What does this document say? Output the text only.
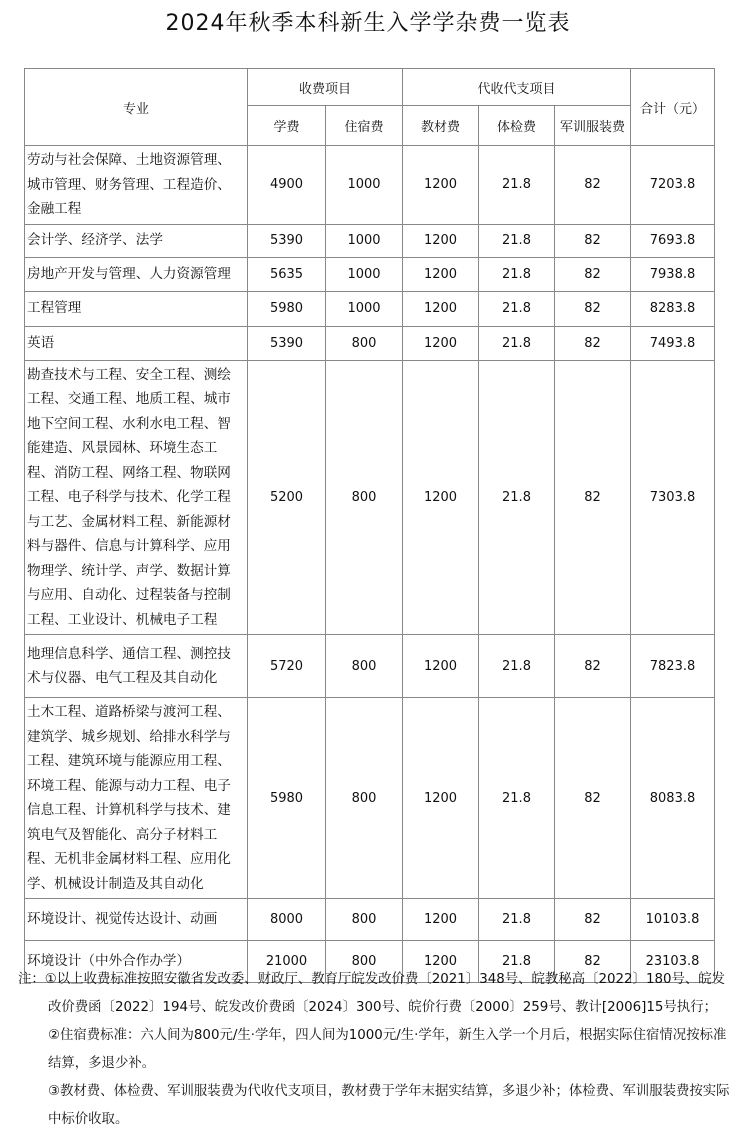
2024年秋季本科新生入学学杂费一览表
专业	收费项目		代收代支项目			合计（元）
	学费	住宿费	教材费	体检费	军训服装费	
劳动与社会保障、土地资源管理、城市管理、财务管理、工程造价、金融工程	4900	1000	1200	21.8	82	7203.8
会计学、经济学、法学	5390	1000	1200	21.8	82	7693.8
房地产开发与管理、人力资源管理	5635	1000	1200	21.8	82	7938.8
工程管理	5980	1000	1200	21.8	82	8283.8
英语	5390	800	1200	21.8	82	7493.8
勘查技术与工程、安全工程、测绘工程、交通工程、地质工程、城市地下空间工程、水利水电工程、智能建造、风景园林、环境生态工程、消防工程、网络工程、物联网工程、电子科学与技术、化学工程与工艺、金属材料工程、新能源材料与器件、信息与计算科学、应用物理学、统计学、声学、数据计算与应用、自动化、过程装备与控制工程、工业设计、机械电子工程	5200	800	1200	21.8	82	7303.8
地理信息科学、通信工程、测控技术与仪器、电气工程及其自动化	5720	800	1200	21.8	82	7823.8
土木工程、道路桥梁与渡河工程、建筑学、城乡规划、给排水科学与工程、建筑环境与能源应用工程、环境工程、能源与动力工程、电子信息工程、计算机科学与技术、建筑电气及智能化、高分子材料工程、无机非金属材料工程、应用化学、机械设计制造及其自动化	5980	800	1200	21.8	82	8083.8
环境设计、视觉传达设计、动画	8000	800	1200	21.8	82	10103.8
环境设计（中外合作办学）	21000	800	1200	21.8	82	23103.8
注：①以上收费标准按照安徽省发改委、财政厅、教育厅皖发改价费〔2021〕348号、皖教秘高〔2022〕180号、皖发改价费函〔2022〕194号、皖发改价费函〔2024〕300号、皖价行费〔2000〕259号、教计[2006]15号执行；
②住宿费标准：六人间为800元/生·学年，四人间为1000元/生·学年，新生入学一个月后，根据实际住宿情况按标准结算，多退少补。
③教材费、体检费、军训服装费为代收代支项目，教材费于学年末据实结算，多退少补；体检费、军训服装费按实际中标价收取。
